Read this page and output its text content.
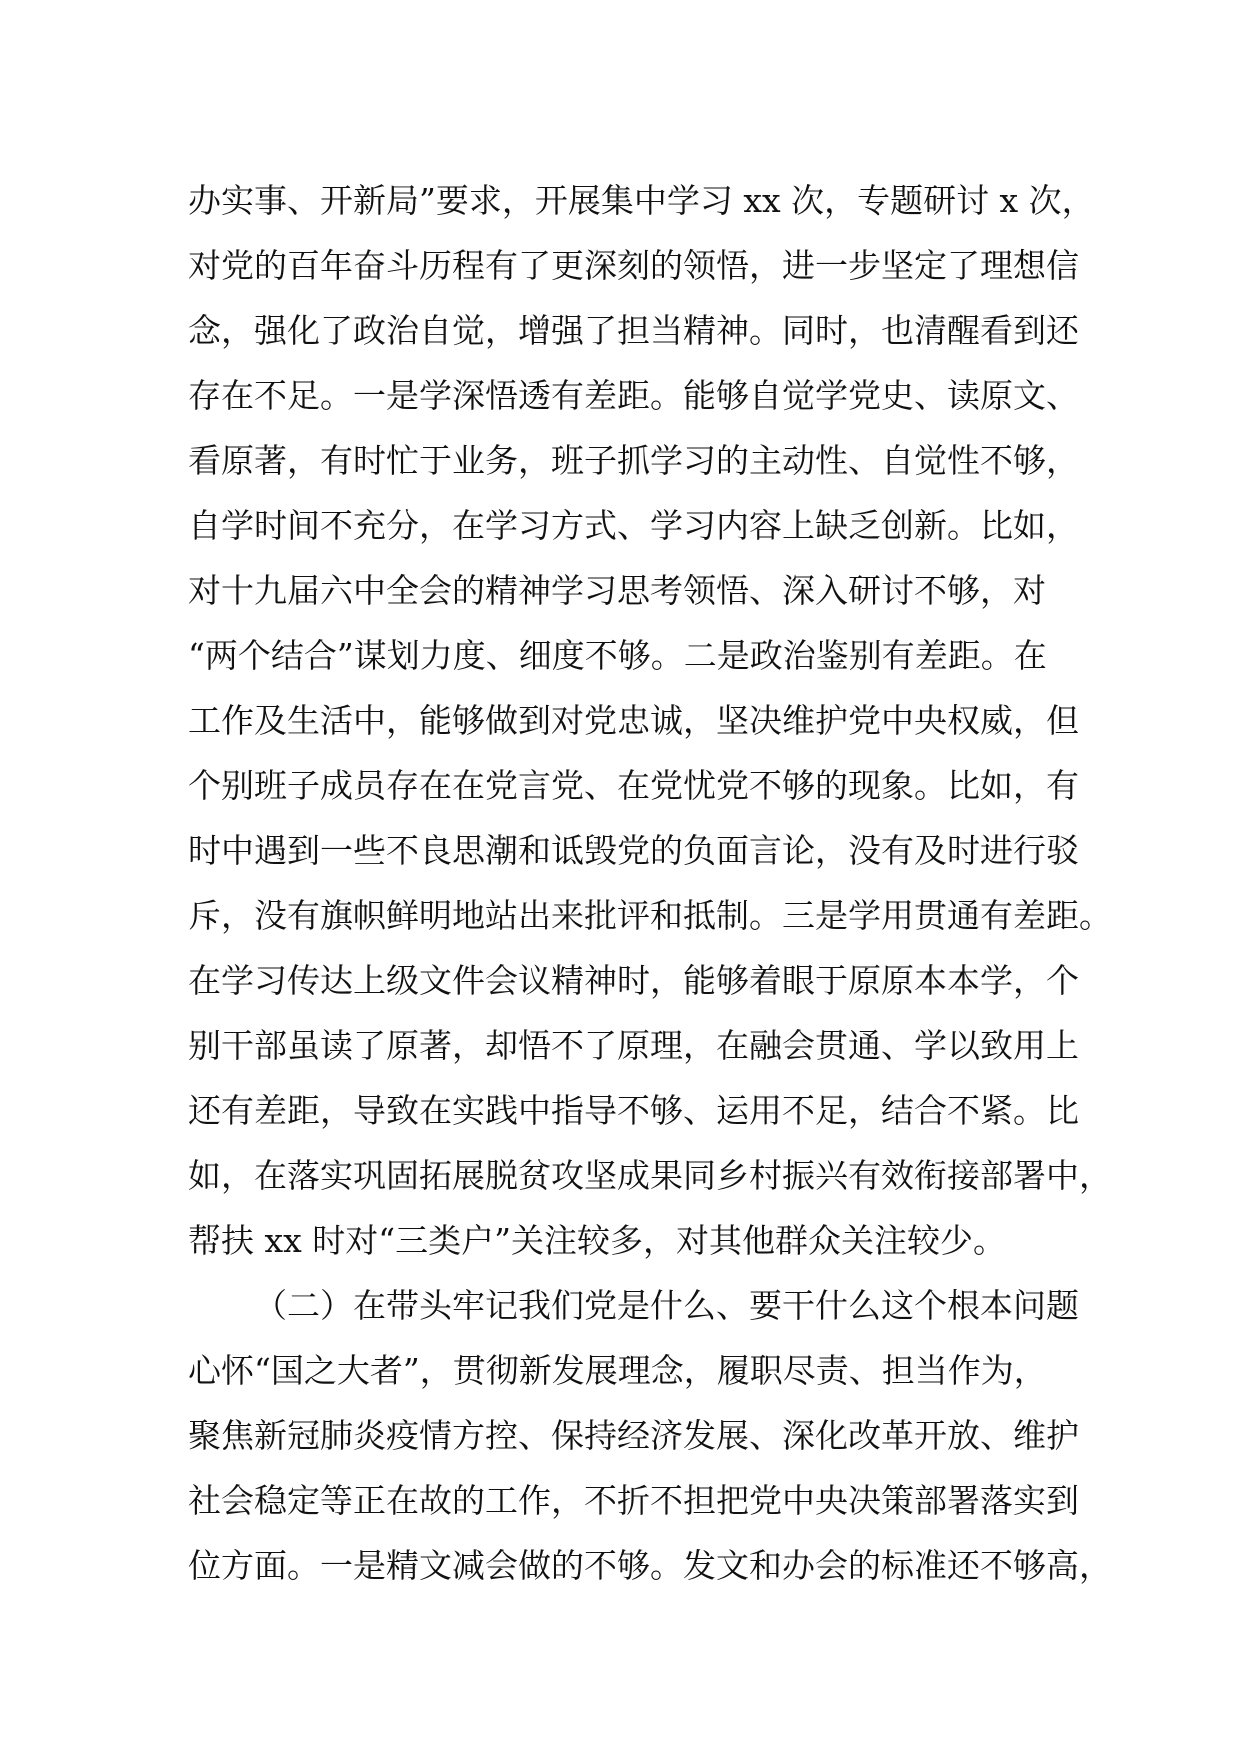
办实事、开新局”要求，开展集中学习 xx 次，专题研讨 x 次，
对党的百年奋斗历程有了更深刻的领悟，进一步坚定了理想信
念，强化了政治自觉，增强了担当精神。同时，也清醒看到还
存在不足。一是学深悟透有差距。能够自觉学党史、读原文、
看原著，有时忙于业务，班子抓学习的主动性、自觉性不够，
自学时间不充分，在学习方式、学习内容上缺乏创新。比如，
对十九届六中全会的精神学习思考领悟、深入研讨不够，对
“两个结合”谋划力度、细度不够。二是政治鉴别有差距。在
工作及生活中，能够做到对党忠诚，坚决维护党中央权威，但
个别班子成员存在在党言党、在党忧党不够的现象。比如，有
时中遇到一些不良思潮和诋毁党的负面言论，没有及时进行驳
斥，没有旗帜鲜明地站出来批评和抵制。三是学用贯通有差距。
在学习传达上级文件会议精神时，能够着眼于原原本本学，个
别干部虽读了原著，却悟不了原理，在融会贯通、学以致用上
还有差距，导致在实践中指导不够、运用不足，结合不紧。比
如，在落实巩固拓展脱贫攻坚成果同乡村振兴有效衔接部署中，
帮扶 xx 时对“三类户”关注较多，对其他群众关注较少。
（二）在带头牢记我们党是什么、要干什么这个根本问题
心怀“国之大者”，贯彻新发展理念，履职尽责、担当作为，
聚焦新冠肺炎疫情方控、保持经济发展、深化改革开放、维护
社会稳定等正在故的工作，不折不担把党中央决策部署落实到
位方面。一是精文减会做的不够。发文和办会的标准还不够高，
